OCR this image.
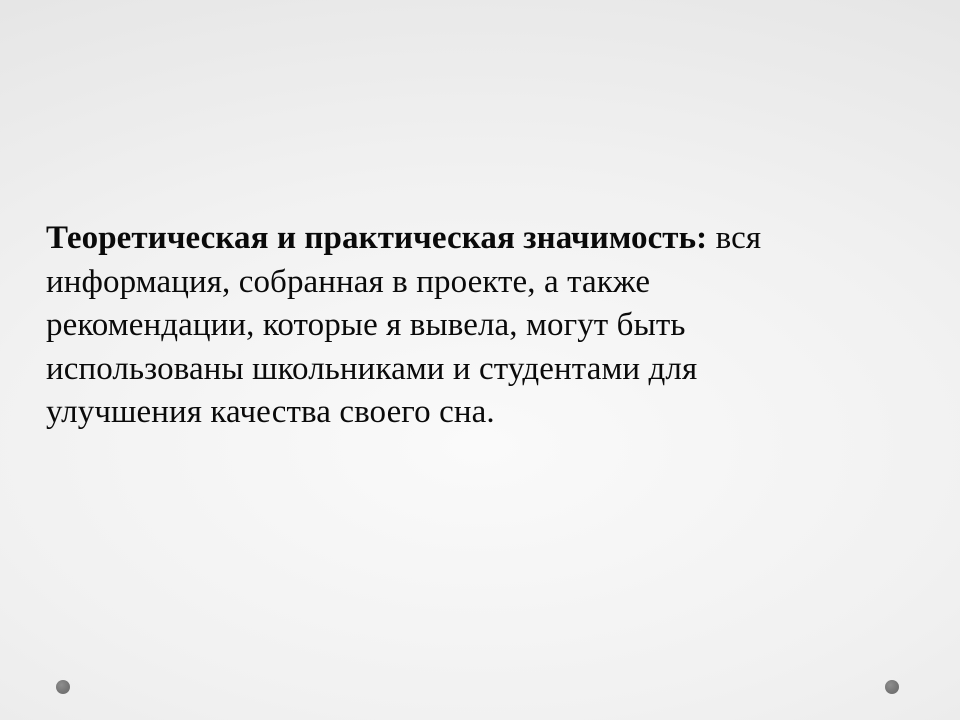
Теоретическая и практическая значимость: вся
информация, собранная в проекте, а также
рекомендации, которые я вывела, могут быть
использованы школьниками и студентами для
улучшения качества своего сна.
